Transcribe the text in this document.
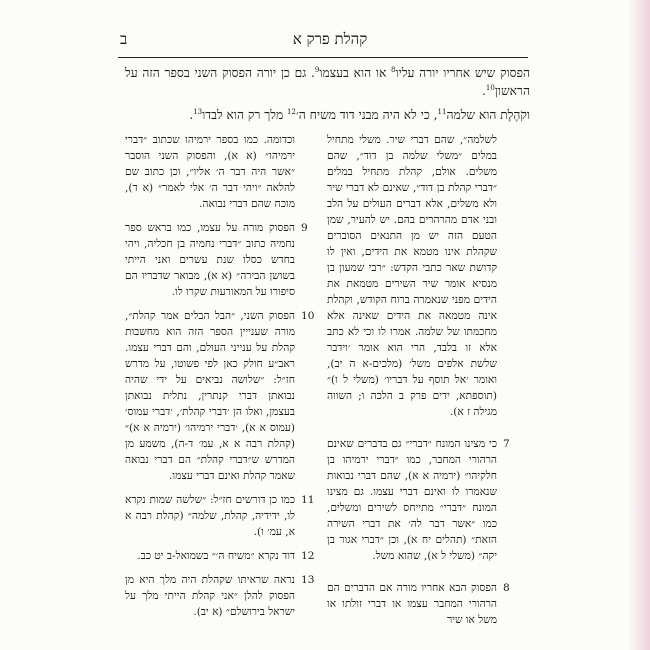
ב	קהלת פרק א

הפסוק שיש אחריו יורה עליו$^8$ או הוא בעצמו$^9$. גם כן יורה הפסוק השני בספר הזה על הראשון$^{10}$.

וקֹהֶלֶת הוא שלמה$^{11}$, כי לא היה מבני דוד משיח ה׳$^{12}$ מלך רק הוא לבדו$^{13}$.

לשלמה״, שהם דברי שיר. משלי מתחיל במלים ״משלי שלמה בן דוד״, שהם משלים. אולם, קהלת מתחיל במלים ״דברי קהלת בן דוד״, שאינם לא דברי שיר ולא משלים, אלא דברים העולים על הלב ובני אדם מהרהרים בהם. יש להעיר, שמן הטעם הזה יש מן התנאים הסוברים שקהלת אינו מטמא את הידים, ואין לו קדושת שאר כתבי הקדש: ״רבי שמעון בן מנסיא אומר שיר השירים מטמאת את הידים מפני שנאמרה ברוח הקודש, וקהלת אינה מטמאה את הידים שאינה אלא מחכמתו של שלמה. אמרו לו וכי לא כתב אלא זו בלבד, הרי הוא אומר ׳וידבר שלשת אלפים משל׳ (מלכים-א ה יב), ואומר ׳אל תוסף על דבריו׳ (משלי ל ו)״ (תוספתא, ידים פרק ב הלכה ו; השווה מגילה ז א).
7
כי מצינו המונח ״דברי״ גם בדברים שאינם הרהורי המחבר, כמו ״דברי ירמיהו בן חלקיהו״ (ירמיה א א), שהם דברי נבואות שנאמרו לו ואינם דברי עצמו. גם מצינו המונח ״דברי״ מתייחס לשירים ומשלים, כמו ״אשר דבר לה׳ את דברי השירה הזאת״ (תהלים יח א), וכן ״דברי אגור בן יקה״ (משלי ל א), שהוא משל.
8
הפסוק הבא אחריו מורה אם הדברים הם הרהורי המחבר עצמו או דברי זולתו או משל או שיר
וכדומה. כמו בספר ירמיהו שכתוב ״דברי ירמיהו״ (א א), והפסוק השני הוסבר ״אשר היה דבר ה׳ אליו״, וכן כתוב שם להלאה ״ויהי דבר ה׳ אלי לאמר״ (א ד), מוכח שהם דברי נבואה.
9
הפסוק מורה על עצמו, כמו בראש ספר נחמיה כתוב ״דברי נחמיה בן חכליה, ויהי בחדש כסלו שנת עשרים ואני הייתי בשושן הבירה״ (א א), מבואר שדבריו הם סיפורו על המאורעות שקרו לו.
10
הפסוק השני, ״הבל הבלים אמר קהלת״, מורה שענייין הספר הזה הוא מחשבות קהלת על ענייני העולם, והם דברי עצמו. ראב״ע חולק כאן לפי פשוטו, על מדרש חז״ל: ״שלושה נביאים על ידי שהיה נבואתן דברי קנתרין, נתלית נבואתן בעצמן, ואלו הן ׳דברי קהלת׳, ׳דברי עמוס׳ (עמוס א א), ׳דברי ירמיהו׳ (ירמיה א א)״ (קהלת רבה א א, עמ׳ ד-ה), משמע מן המדרש ש״דברי קהלת״ הם דברי נבואה שאמר קהלת ואינם דברי עצמו.
11
כמו כן דורשים חז״ל: ״שלשה שמות נקרא לו, ידידיה, קהלת, שלמה״ (קהלת רבה א א, עמ׳ ו).
12
דוד נקרא ״משיח ה׳״ בשמואל-ב יט כב.
13
נראה שראיתו שקהלת היה מלך היא מן הפסוק להלן ״אני קהלת הייתי מלך על ישראל בירושלם״ (א יב).
